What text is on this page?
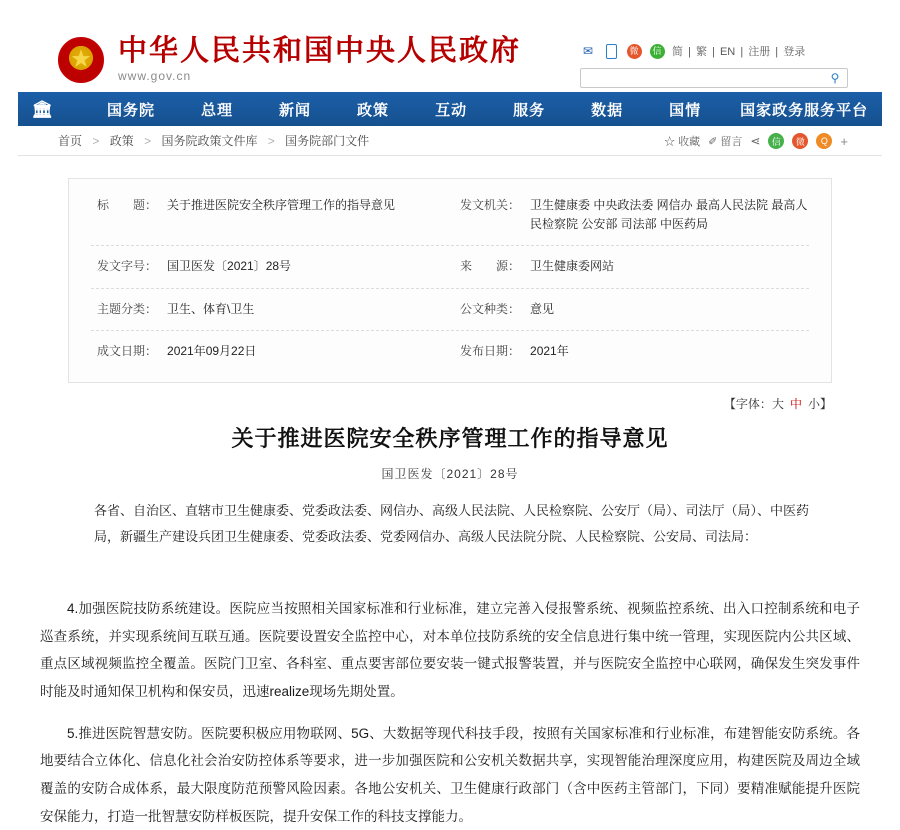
★
中华人民共和国中央人民政府
www.gov.cn
✉	微	信 简 | 繁 | EN | 注册 | 登录
⚲
🏛	国务院	总理	新闻	政策	互动	服务	数据	国情	国家政务服务平台
首页 > 政策 > 国务院政策文件库 > 国务院部门文件	☆ 收藏 ✐ 留言 ⋖	信	微	Q +
标　　题： 关于推进医院安全秩序管理工作的指导意见	发文机关： 卫生健康委 中央政法委 网信办 最高人民法院 最高人民检察院 公安部 司法部 中医药局
发文字号： 国卫医发〔2021〕28号	来　　源： 卫生健康委网站
主题分类： 卫生、体育\卫生	公文种类： 意见
成文日期： 2021年09月22日	发布日期： 2021年
【字体：大 中 小】
关于推进医院安全秩序管理工作的指导意见
国卫医发〔2021〕28号
各省、自治区、直辖市卫生健康委、党委政法委、网信办、高级人民法院、人民检察院、公安厅（局）、司法厅（局）、中医药局，新疆生产建设兵团卫生健康委、党委政法委、党委网信办、高级人民法院分院、人民检察院、公安局、司法局：

4.加强医院技防系统建设。医院应当按照相关国家标准和行业标准，建立完善入侵报警系统、视频监控系统、出入口控制系统和电子巡查系统，并实现系统间互联互通。医院要设置安全监控中心，对本单位技防系统的安全信息进行集中统一管理，实现医院内公共区域、重点区域视频监控全覆盖。医院门卫室、各科室、重点要害部位要安装一键式报警装置，并与医院安全监控中心联网，确保发生突发事件时能及时通知保卫机构和保安员，迅速realize现场先期处置。

5.推进医院智慧安防。医院要积极应用物联网、5G、大数据等现代科技手段，按照有关国家标准和行业标准，布建智能安防系统。各地要结合立体化、信息化社会治安防控体系等要求，进一步加强医院和公安机关数据共享，实现智能治理深度应用，构建医院及周边全域覆盖的安防合成体系，最大限度防范预警风险因素。各地公安机关、卫生健康行政部门（含中医药主管部门，下同）要精准赋能提升医院安保能力，打造一批智慧安防样板医院，提升安保工作的科技支撑能力。
